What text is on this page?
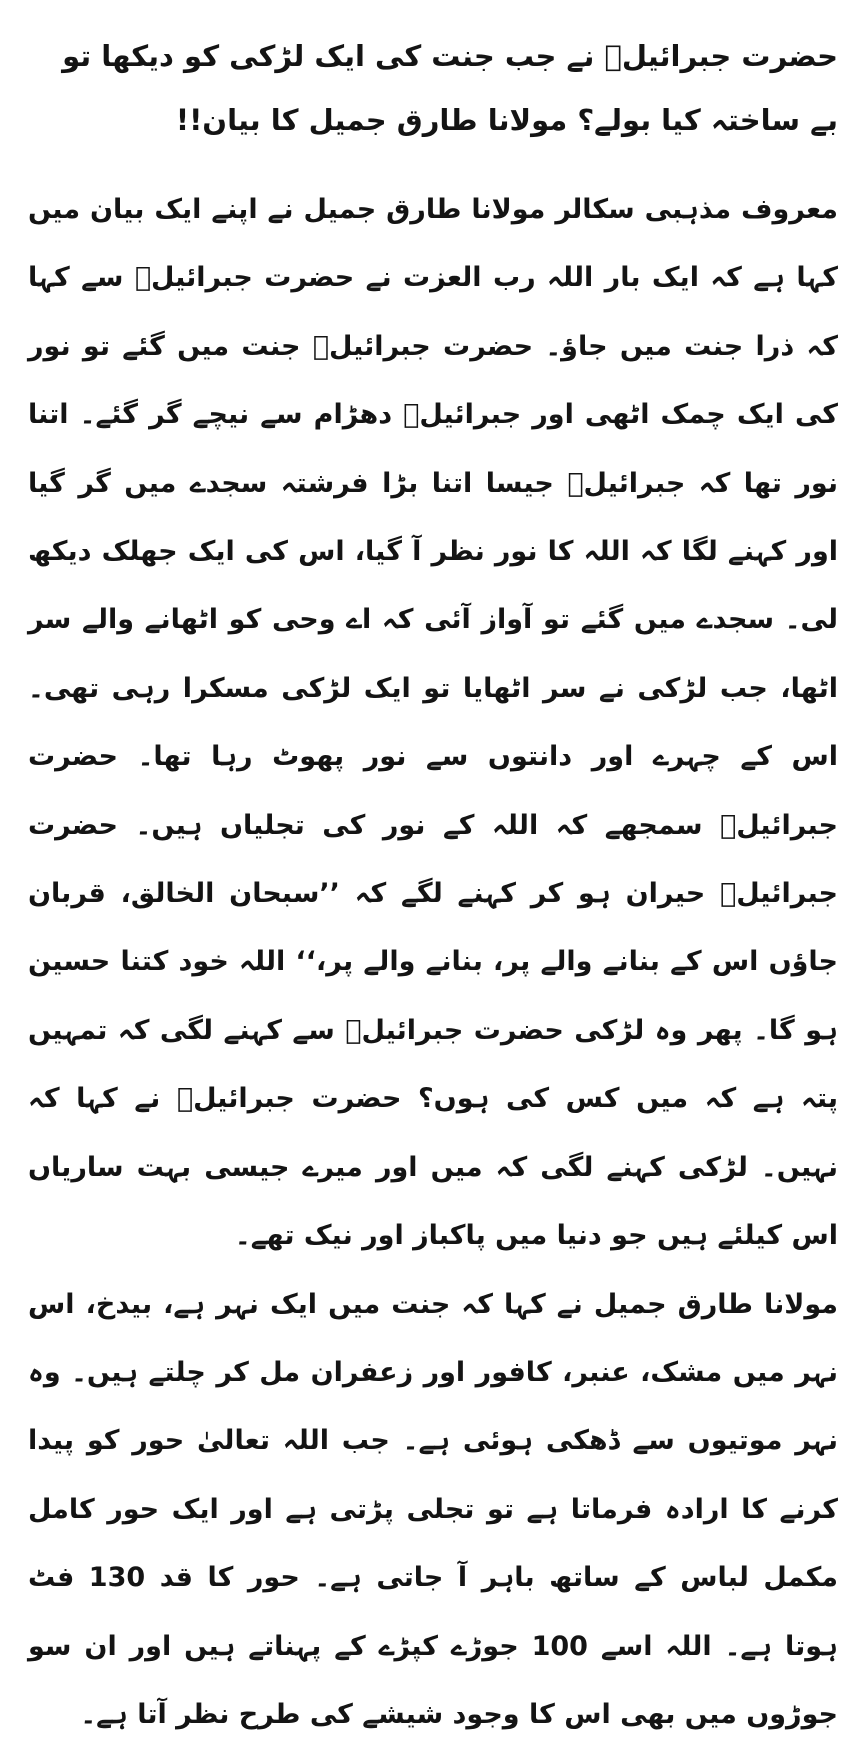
حضرت جبرائیلؑ نے جب جنت کی ایک لڑکی کو دیکھا تو بے ساختہ کیا بولے؟ مولانا طارق جمیل کا بیان!!

معروف مذہبی سکالر مولانا طارق جمیل نے اپنے ایک بیان میں کہا ہے کہ ایک بار اللہ رب العزت نے حضرت جبرائیلؑ سے کہا کہ ذرا جنت میں جاؤ۔ حضرت جبرائیلؑ جنت میں گئے تو نور کی ایک چمک اٹھی اور جبرائیلؑ دھڑام سے نیچے گر گئے۔ اتنا نور تھا کہ جبرائیلؑ جیسا اتنا بڑا فرشتہ سجدے میں گر گیا اور کہنے لگا کہ اللہ کا نور نظر آ گیا، اس کی ایک جھلک دیکھ لی۔ سجدے میں گئے تو آواز آئی کہ اے وحی کو اٹھانے والے سر اٹھا، جب لڑکی نے سر اٹھایا تو ایک لڑکی مسکرا رہی تھی۔ اس کے چہرے اور دانتوں سے نور پھوٹ رہا تھا۔ حضرت جبرائیلؑ سمجھے کہ اللہ کے نور کی تجلیاں ہیں۔ حضرت جبرائیلؑ حیران ہو کر کہنے لگے کہ ’’سبحان الخالق، قربان جاؤں اس کے بنانے والے پر، بنانے والے پر،‘‘ اللہ خود کتنا حسین ہو گا۔ پھر وہ لڑکی حضرت جبرائیلؑ سے کہنے لگی کہ تمہیں پتہ ہے کہ میں کس کی ہوں؟ حضرت جبرائیلؑ نے کہا کہ نہیں۔ لڑکی کہنے لگی کہ میں اور میرے جیسی بہت ساریاں اس کیلئے ہیں جو دنیا میں پاکباز اور نیک تھے۔

مولانا طارق جمیل نے کہا کہ جنت میں ایک نہر ہے، بیدخ، اس نہر میں مشک، عنبر، کافور اور زعفران مل کر چلتے ہیں۔ وہ نہر موتیوں سے ڈھکی ہوئی ہے۔ جب اللہ تعالیٰ حور کو پیدا کرنے کا ارادہ فرماتا ہے تو تجلی پڑتی ہے اور ایک حور کامل مکمل لباس کے ساتھ باہر آ جاتی ہے۔ حور کا قد 130 فٹ ہوتا ہے۔ اللہ اسے 100 جوڑے کپڑے کے پہناتے ہیں اور ان سو جوڑوں میں بھی اس کا وجود شیشے کی طرح نظر آتا ہے۔
